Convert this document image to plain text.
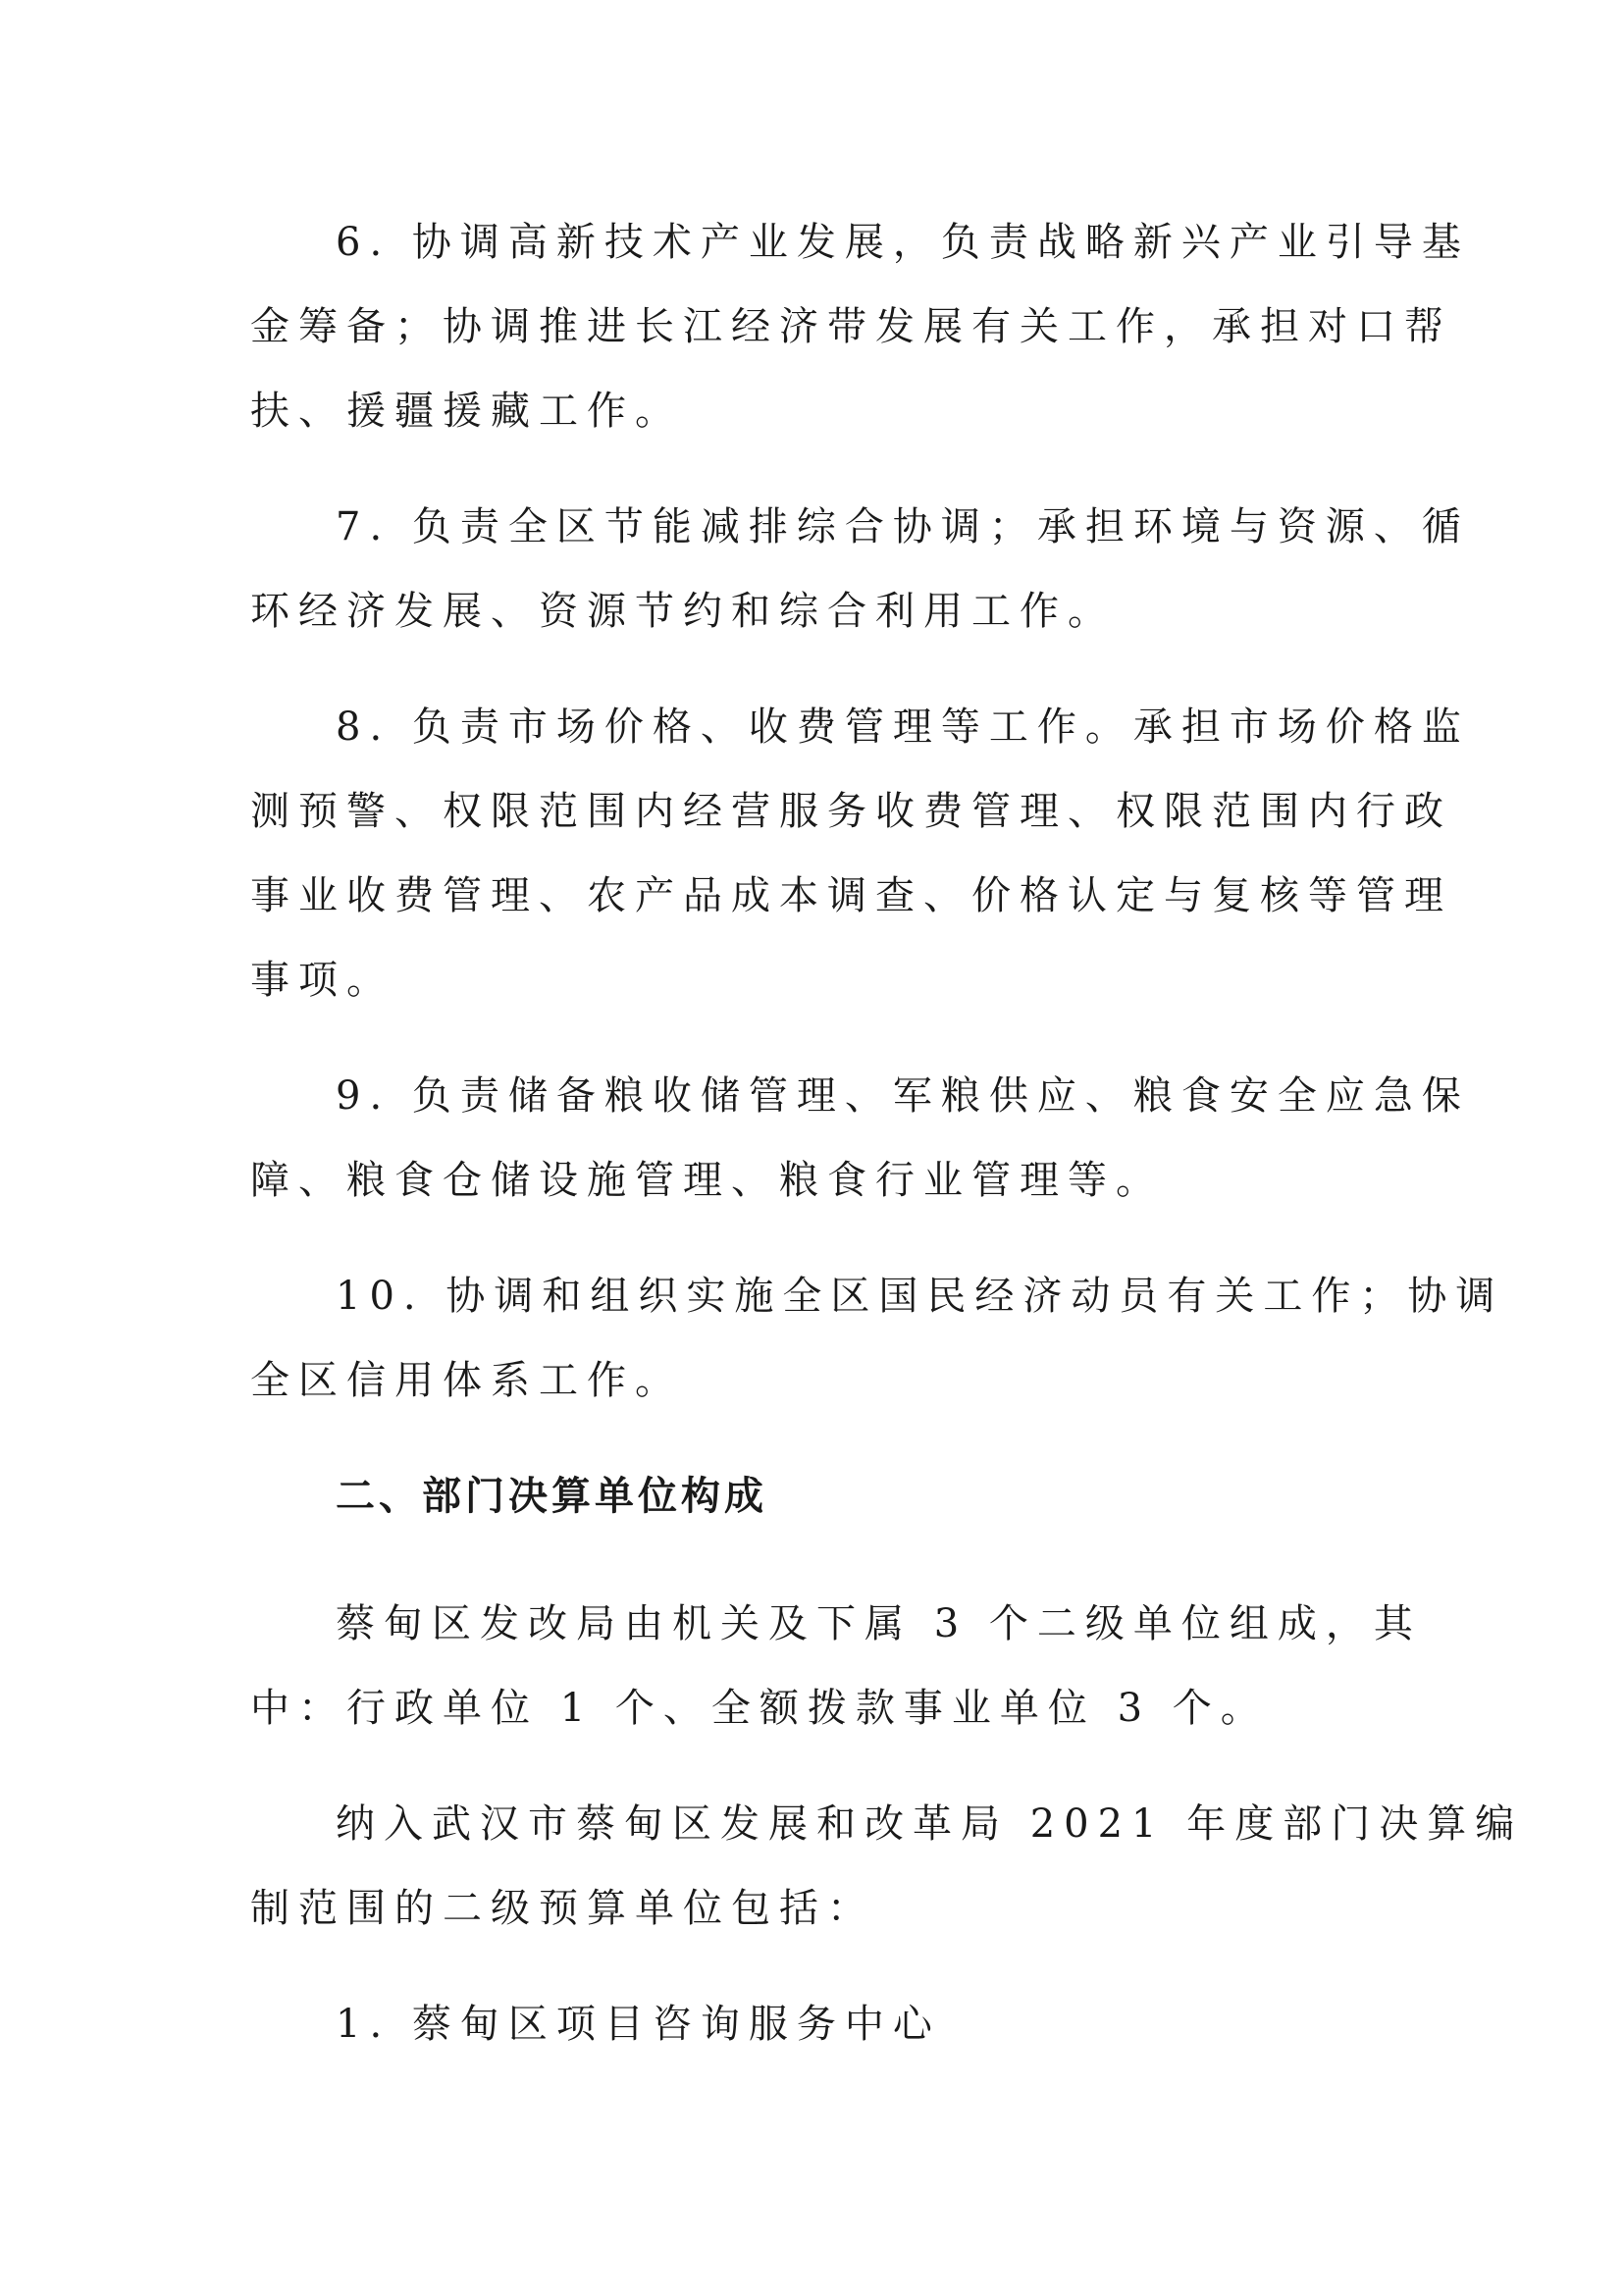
6. 协调高新技术产业发展，负责战略新兴产业引导基
金筹备；协调推进长江经济带发展有关工作，承担对口帮
扶、援疆援藏工作。
7. 负责全区节能减排综合协调；承担环境与资源、循
环经济发展、资源节约和综合利用工作。
8. 负责市场价格、收费管理等工作。承担市场价格监
测预警、权限范围内经营服务收费管理、权限范围内行政
事业收费管理、农产品成本调查、价格认定与复核等管理
事项。
9. 负责储备粮收储管理、军粮供应、粮食安全应急保
障、粮食仓储设施管理、粮食行业管理等。
10. 协调和组织实施全区国民经济动员有关工作；协调
全区信用体系工作。
二、部门决算单位构成
蔡甸区发改局由机关及下属 3 个二级单位组成，其
中：行政单位 1 个、全额拨款事业单位 3 个。
纳入武汉市蔡甸区发展和改革局 2021 年度部门决算编
制范围的二级预算单位包括：
1. 蔡甸区项目咨询服务中心
